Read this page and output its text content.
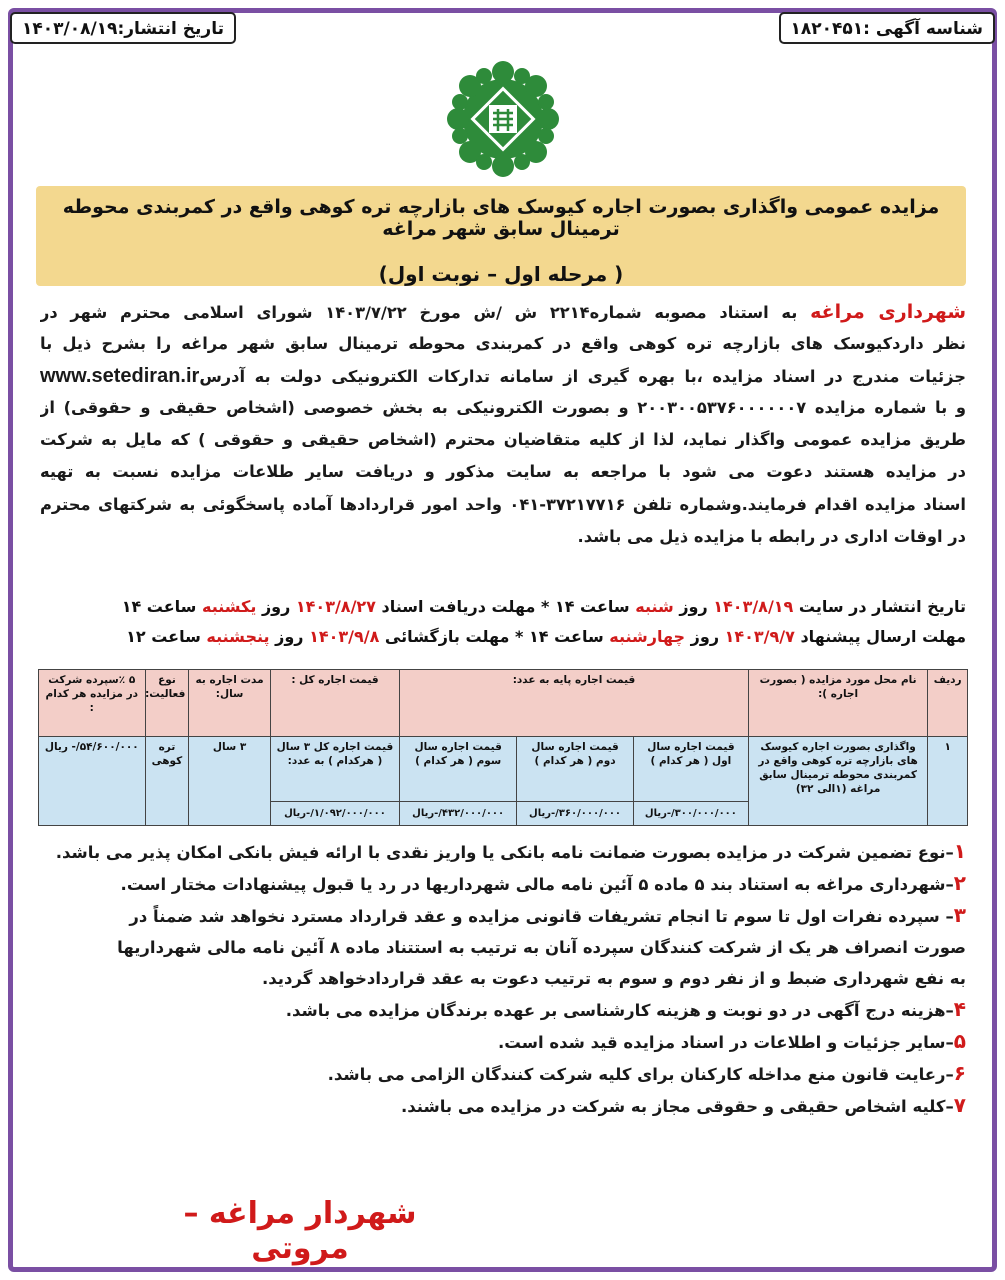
شناسه آگهی :۱۸۲۰۴۵۱
تاریخ انتشار:۱۴۰۳/۰۸/۱۹
مزایده عمومی واگذاری بصورت اجاره کیوسک های بازارچه تره کوهی واقع در کمربندی محوطه ترمینال سابق شهر مراغه
( مرحله اول – نوبت اول)
شهرداری مراغه به استناد مصوبه شماره۲۲۱۴ ش /ش مورخ ۱۴۰۳/۷/۲۲ شورای اسلامی محترم شهر در
نظر داردکیوسک های بازارچه تره کوهی واقع در کمربندی محوطه ترمینال سابق شهر مراغه را بشرح ذیل با
جزئیات مندرج در اسناد مزایده ،با بهره گیری از سامانه تدارکات الکترونیکی دولت به آدرسwww.setediran.ir
و با شماره مزایده ۲۰۰۳۰۰۵۳۷۶۰۰۰۰۰۰۷ و بصورت الکترونیکی به بخش خصوصی (اشخاص حقیقی و حقوقی) از
طریق مزایده عمومی واگذار نماید، لذا از کلیه متقاضیان محترم (اشخاص حقیقی و حقوقی ) که مایل به شرکت
در مزایده هستند دعوت می شود با مراجعه به سایت مذکور و دریافت سایر طلاعات مزایده نسبت به تهیه
اسناد مزایده اقدام فرمایند.وشماره تلفن ۳۷۲۱۷۷۱۶-۰۴۱ واحد امور قراردادها آماده پاسخگوئی به شرکتهای محترم
در اوقات اداری در رابطه با مزایده ذیل می باشد.
تاریخ انتشار در سایت ۱۴۰۳/۸/۱۹ روز شنبه ساعت ۱۴ * مهلت دریافت اسناد ۱۴۰۳/۸/۲۷ روز یکشنبه ساعت ۱۴
مهلت ارسال پیشنهاد ۱۴۰۳/۹/۷ روز چهارشنبه ساعت ۱۴ * مهلت بازگشائی ۱۴۰۳/۹/۸ روز پنجشنبه ساعت ۱۲
ردیف	نام محل مورد مزایده ( بصورت اجاره ):	قیمت اجاره پایه به عدد:			قیمت اجاره کل :	مدت اجاره به سال:	نوع فعالیت:	۵ ٪سپرده شرکت در مزایده هر کدام :
۱	واگذاری بصورت اجاره کیوسک های بازارچه تره کوهی واقع در کمربندی محوطه ترمینال سابق مراغه (۱الی ۳۲)	قیمت اجاره سال اول ( هر کدام )	قیمت اجاره سال دوم ( هر کدام )	قیمت اجاره سال سوم ( هر کدام )	قیمت اجاره کل ۳ سال ( هرکدام ) به عدد:	۳ سال	تره کوهی	۵۴/۶۰۰/۰۰۰/- ریال
		۳۰۰/۰۰۰/۰۰۰/-ریال	۳۶۰/۰۰۰/۰۰۰/-ریال	۴۳۲/۰۰۰/۰۰۰/-ریال	۱/۰۹۲/۰۰۰/۰۰۰/-ریال			
۱–نوع تضمین شرکت در مزایده بصورت ضمانت نامه بانکی یا واریز نقدی با ارائه فیش بانکی امکان پذیر می باشد.
۲–شهرداری مراغه به استناد بند ۵ ماده ۵ آئین نامه مالی شهرداریها در رد یا قبول پیشنهادات مختار است.
۳– سپرده نفرات اول تا سوم تا انجام تشریفات قانونی مزایده و عقد قرارداد مسترد نخواهد شد ضمناً در
صورت انصراف هر یک از شرکت کنندگان سپرده آنان به ترتیب به استتناد ماده ۸ آئین نامه مالی شهرداریها
به نفع شهرداری ضبط و از نفر دوم و سوم به ترتیب دعوت به عقد قراردادخواهد گردید.
۴–هزینه درج آگهی در دو نوبت و هزینه کارشناسی بر عهده برندگان مزایده می باشد.
۵–سایر جزئیات و اطلاعات در اسناد مزایده قید شده است.
۶–رعایت قانون منع مداخله کارکنان برای کلیه شرکت کنندگان الزامی می باشد.
۷–کلیه اشخاص حقیقی و حقوقی مجاز به شرکت در مزایده می باشند.
شهردار مراغه – مروتی
